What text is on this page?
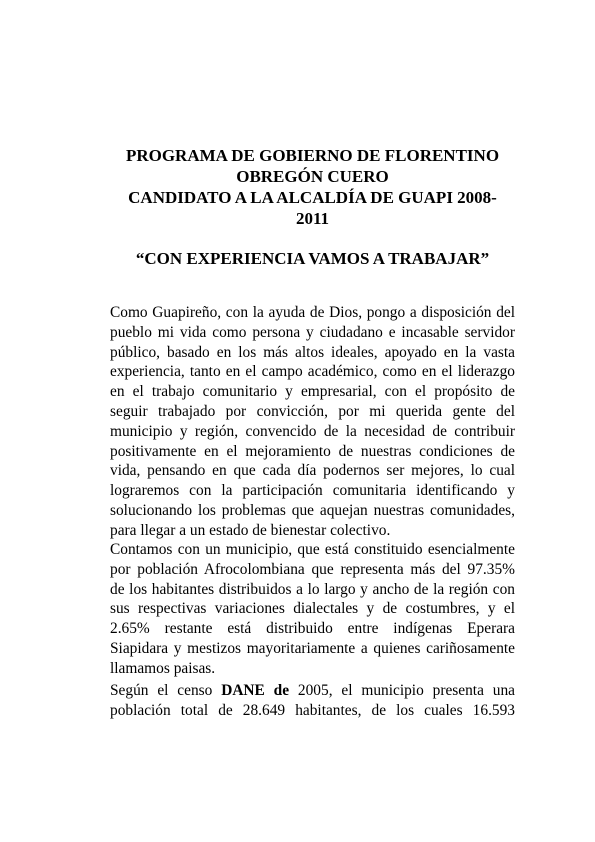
PROGRAMA DE GOBIERNO DE FLORENTINO
OBREGÓN CUERO
CANDIDATO A LA ALCALDÍA DE GUAPI 2008-
2011
“CON EXPERIENCIA VAMOS A TRABAJAR”
Como Guapireño, con la ayuda de Dios, pongo a disposición del
pueblo mi vida como persona y ciudadano e incasable servidor
público, basado en los más altos ideales, apoyado en la vasta
experiencia, tanto en el campo académico, como en el liderazgo
en el trabajo comunitario y empresarial, con el propósito de
seguir trabajado por convicción, por mi querida gente del
municipio y región, convencido de la necesidad de contribuir
positivamente en el mejoramiento de nuestras condiciones de
vida, pensando en que cada día podernos ser mejores, lo cual
lograremos con la participación comunitaria identificando y
solucionando los problemas que aquejan nuestras comunidades,
para llegar a un estado de bienestar colectivo.
Contamos con un municipio, que está constituido esencialmente
por población Afrocolombiana que representa más del 97.35%
de los habitantes distribuidos a lo largo y ancho de la región con
sus respectivas variaciones dialectales y de costumbres, y el
2.65% restante está distribuido entre indígenas Eperara
Siapidara y mestizos mayoritariamente a quienes cariñosamente
llamamos paisas.
Según el censo DANE de 2005, el municipio presenta una
población total de 28.649 habitantes, de los cuales 16.593
